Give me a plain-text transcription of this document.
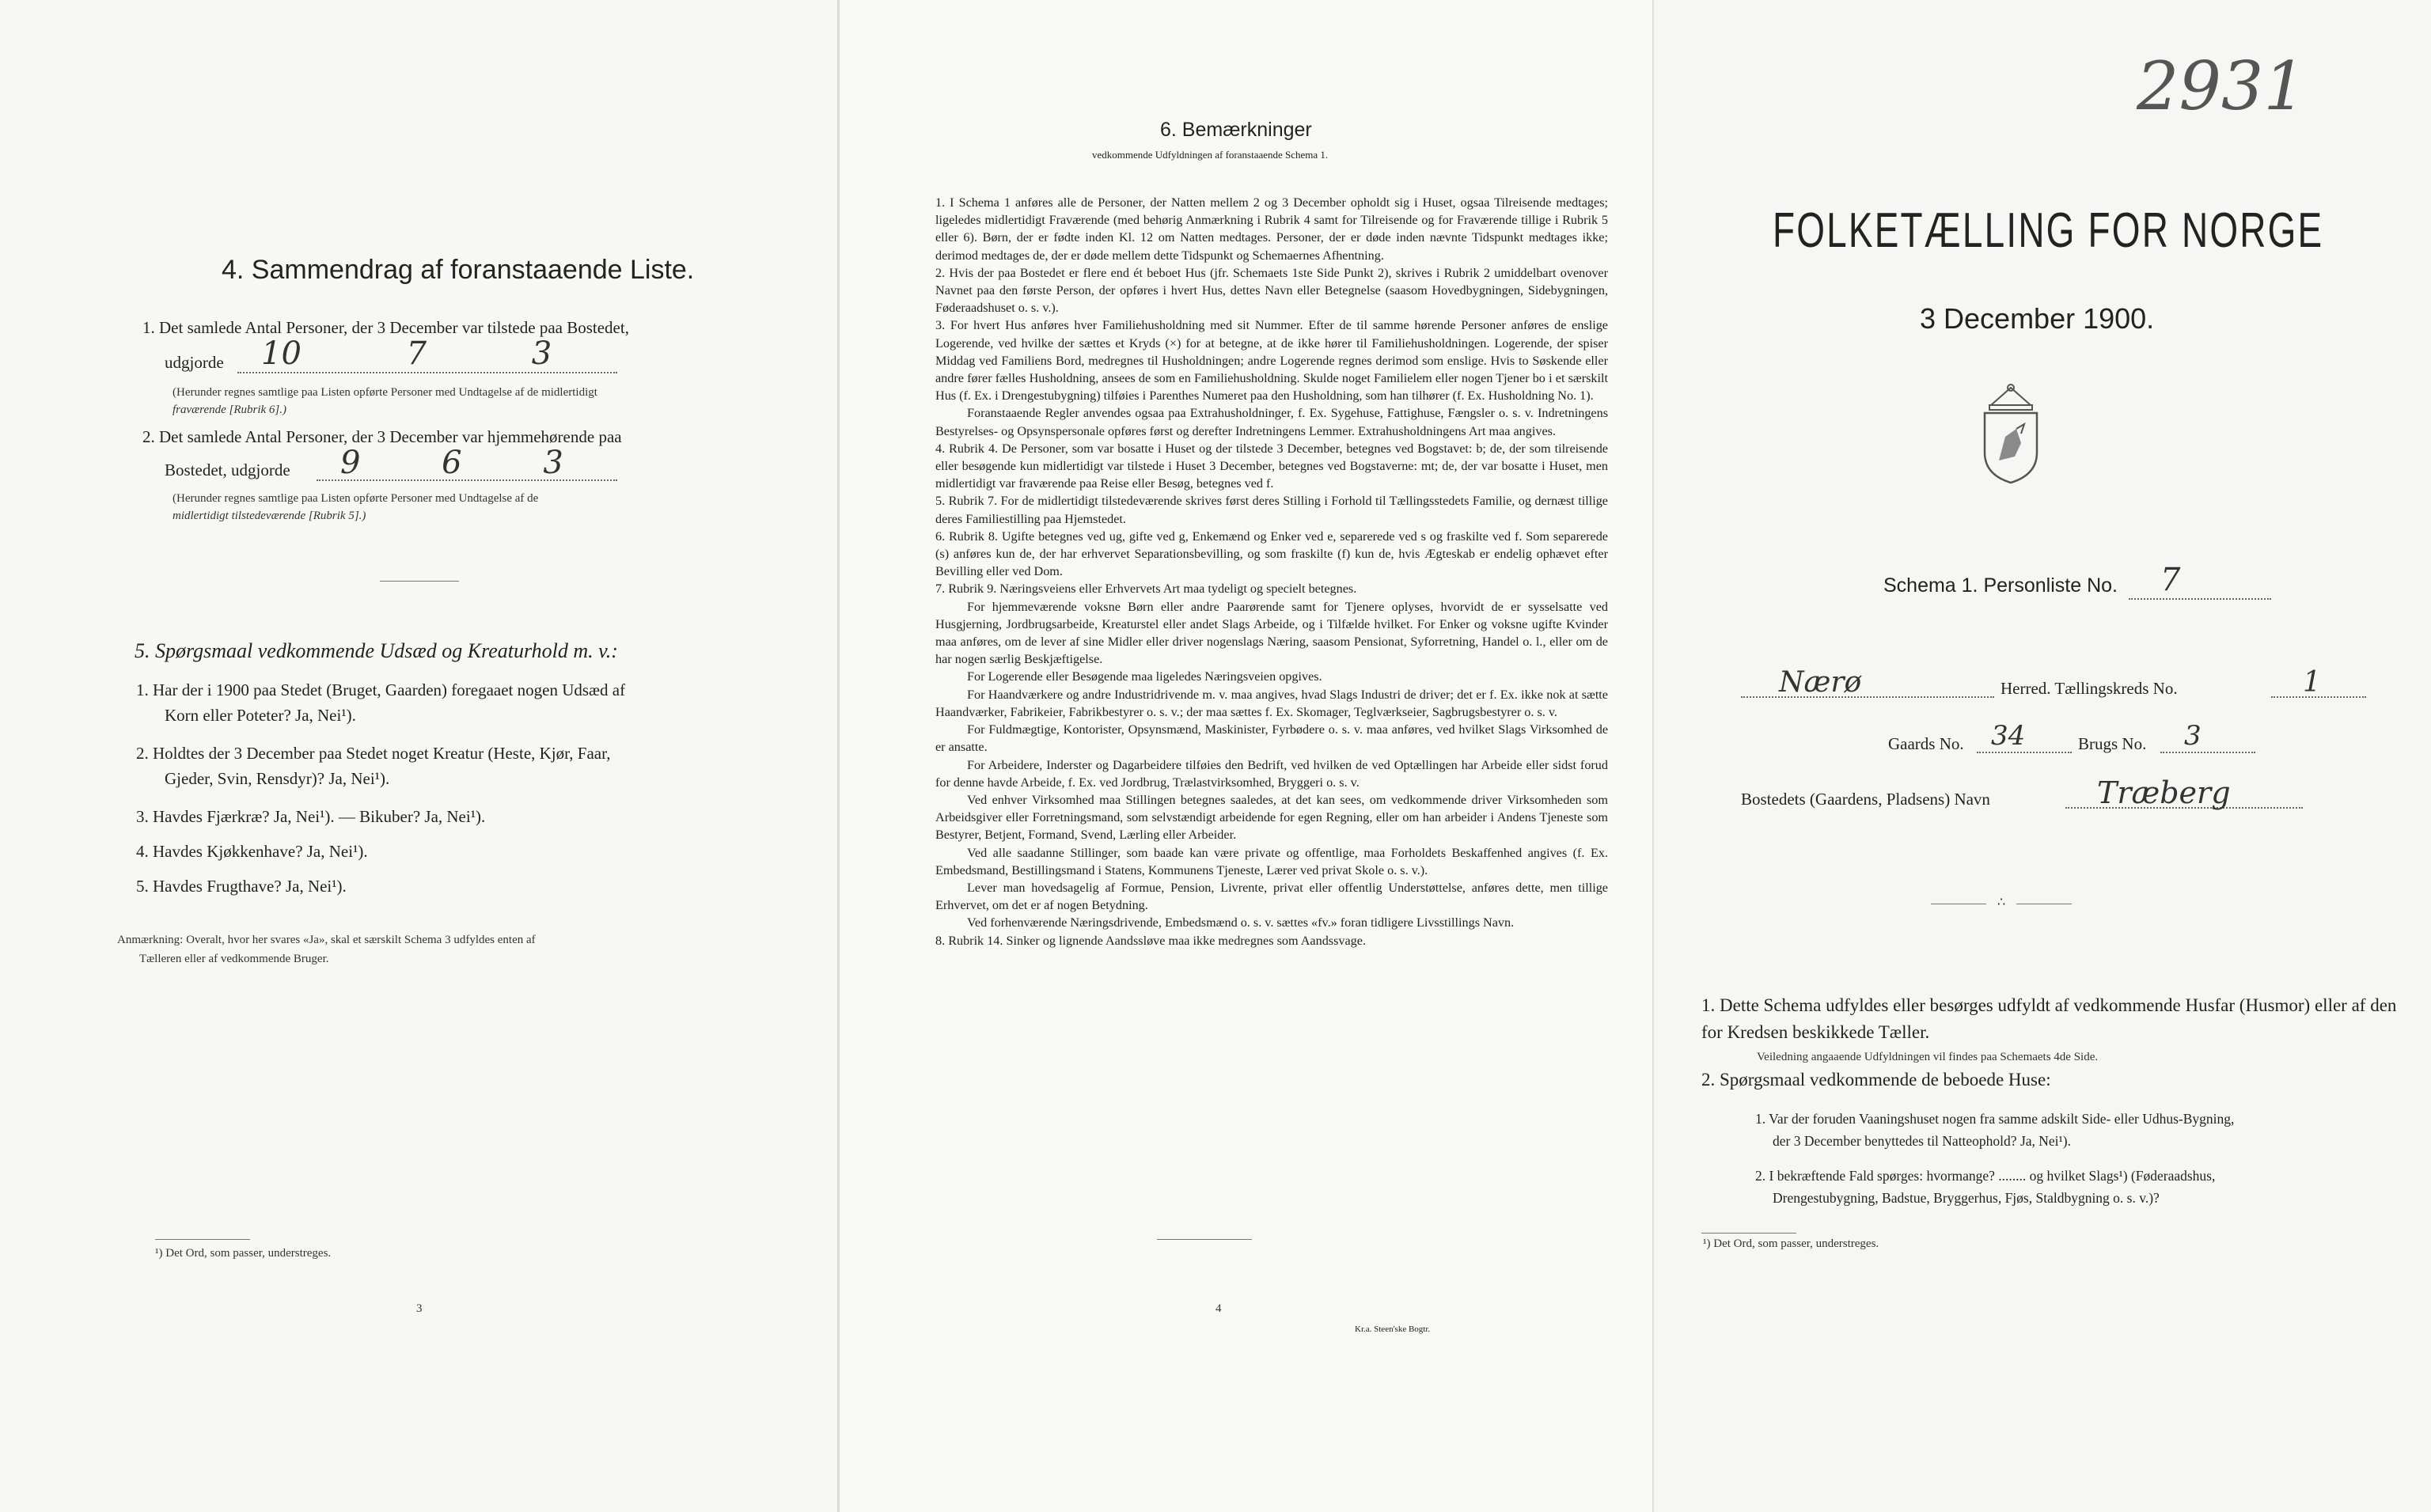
4. Sammendrag af foranstaaende Liste.
1. Det samlede Antal Personer, der 3 December var tilstede paa Bostedet,
udgjorde 10 7 3
(Herunder regnes samtlige paa Listen opførte Personer med Undtagelse af de midlertidigt
fraværende [Rubrik 6].)
2. Det samlede Antal Personer, der 3 December var hjemmehørende paa
Bostedet, udgjorde 9 6 3
(Herunder regnes samtlige paa Listen opførte Personer med Undtagelse af de
midlertidigt tilstedeværende [Rubrik 5].)
5. Spørgsmaal vedkommende Udsæd og Kreaturhold m. v.:
1. Har der i 1900 paa Stedet (Bruget, Gaarden) foregaaet nogen Udsæd af
Korn eller Poteter? Ja, Nei¹).
2. Holdtes der 3 December paa Stedet noget Kreatur (Heste, Kjør, Faar,
Gjeder, Svin, Rensdyr)? Ja, Nei¹).
3. Havdes Fjærkræ? Ja, Nei¹). — Bikuber? Ja, Nei¹).
4. Havdes Kjøkkenhave? Ja, Nei¹).
5. Havdes Frugthave? Ja, Nei¹).
Anmærkning: Overalt, hvor her svares «Ja», skal et særskilt Schema 3 udfyldes enten af
Tælleren eller af vedkommende Bruger.
¹) Det Ord, som passer, understreges.
3
6. Bemærkninger
vedkommende Udfyldningen af foranstaaende Schema 1.

1. I Schema 1 anføres alle de Personer, der Natten mellem 2 og 3 December opholdt sig i Huset, ogsaa Tilreisende medtages; ligeledes midlertidigt Fraværende (med behørig Anmærkning i Rubrik 4 samt for Tilreisende og for Fraværende tillige i Rubrik 5 eller 6). Børn, der er fødte inden Kl. 12 om Natten medtages. Personer, der er døde inden nævnte Tidspunkt medtages ikke; derimod medtages de, der er døde mellem dette Tidspunkt og Schemaernes Afhentning.

2. Hvis der paa Bostedet er flere end ét beboet Hus (jfr. Schemaets 1ste Side Punkt 2), skrives i Rubrik 2 umiddelbart ovenover Navnet paa den første Person, der opføres i hvert Hus, dettes Navn eller Betegnelse (saasom Hovedbygningen, Sidebygningen, Føderaadshuset o. s. v.).

3. For hvert Hus anføres hver Familiehusholdning med sit Nummer. Efter de til samme hørende Personer anføres de enslige Logerende, ved hvilke der sættes et Kryds (×) for at betegne, at de ikke hører til Familiehusholdningen. Logerende, der spiser Middag ved Familiens Bord, medregnes til Husholdningen; andre Logerende regnes derimod som enslige. Hvis to Søskende eller andre fører fælles Husholdning, ansees de som en Familiehusholdning. Skulde noget Familielem eller nogen Tjener bo i et særskilt Hus (f. Ex. i Drengestubygning) tilføies i Parenthes Numeret paa den Husholdning, som han tilhører (f. Ex. Husholdning No. 1).

Foranstaaende Regler anvendes ogsaa paa Extrahusholdninger, f. Ex. Sygehuse, Fattighuse, Fængsler o. s. v. Indretningens Bestyrelses- og Opsynspersonale opføres først og derefter Indretningens Lemmer. Extrahusholdningens Art maa angives.

4. Rubrik 4. De Personer, som var bosatte i Huset og der tilstede 3 December, betegnes ved Bogstavet: b; de, der som tilreisende eller besøgende kun midlertidigt var tilstede i Huset 3 December, betegnes ved Bogstaverne: mt; de, der var bosatte i Huset, men midlertidigt var fraværende paa Reise eller Besøg, betegnes ved f.

5. Rubrik 7. For de midlertidigt tilstedeværende skrives først deres Stilling i Forhold til Tællingsstedets Familie, og dernæst tillige deres Familiestilling paa Hjemstedet.

6. Rubrik 8. Ugifte betegnes ved ug, gifte ved g, Enkemænd og Enker ved e, separerede ved s og fraskilte ved f. Som separerede (s) anføres kun de, der har erhvervet Separationsbevilling, og som fraskilte (f) kun de, hvis Ægteskab er endelig ophævet efter Bevilling eller ved Dom.

7. Rubrik 9. Næringsveiens eller Erhvervets Art maa tydeligt og specielt betegnes.

For hjemmeværende voksne Børn eller andre Paarørende samt for Tjenere oplyses, hvorvidt de er sysselsatte ved Husgjerning, Jordbrugsarbeide, Kreaturstel eller andet Slags Arbeide, og i Tilfælde hvilket. For Enker og voksne ugifte Kvinder maa anføres, om de lever af sine Midler eller driver nogenslags Næring, saasom Pensionat, Syforretning, Handel o. l., eller om de har nogen særlig Beskjæftigelse.

For Logerende eller Besøgende maa ligeledes Næringsveien opgives.

For Haandværkere og andre Industridrivende m. v. maa angives, hvad Slags Industri de driver; det er f. Ex. ikke nok at sætte Haandværker, Fabrikeier, Fabrikbestyrer o. s. v.; der maa sættes f. Ex. Skomager, Teglværkseier, Sagbrugsbestyrer o. s. v.

For Fuldmægtige, Kontorister, Opsynsmænd, Maskinister, Fyrbødere o. s. v. maa anføres, ved hvilket Slags Virksomhed de er ansatte.

For Arbeidere, Inderster og Dagarbeidere tilføies den Bedrift, ved hvilken de ved Optællingen har Arbeide eller sidst forud for denne havde Arbeide, f. Ex. ved Jordbrug, Trælastvirksomhed, Bryggeri o. s. v.

Ved enhver Virksomhed maa Stillingen betegnes saaledes, at det kan sees, om vedkommende driver Virksomheden som Arbeidsgiver eller Forretningsmand, som selvstændigt arbeidende for egen Regning, eller om han arbeider i Andens Tjeneste som Bestyrer, Betjent, Formand, Svend, Lærling eller Arbeider.

Ved alle saadanne Stillinger, som baade kan være private og offentlige, maa Forholdets Beskaffenhed angives (f. Ex. Embedsmand, Bestillingsmand i Statens, Kommunens Tjeneste, Lærer ved privat Skole o. s. v.).

Lever man hovedsagelig af Formue, Pension, Livrente, privat eller offentlig Understøttelse, anføres dette, men tillige Erhvervet, om det er af nogen Betydning.

Ved forhenværende Næringsdrivende, Embedsmænd o. s. v. sættes «fv.» foran tidligere Livsstillings Navn.

8. Rubrik 14. Sinker og lignende Aandssløve maa ikke medregnes som Aandssvage.

4
Kr.a. Steen'ske Bogtr.
2931
FOLKETÆLLING FOR NORGE
3 December 1900.
Schema 1. Personliste No. 7
Nærø	Herred. Tællingskreds No.	1
Gaards No. 34	Brugs No. 3
Bostedets (Gaardens, Pladsens) Navn	Træberg
∴
1. Dette Schema udfyldes eller besørges udfyldt af vedkommende Husfar (Husmor) eller af den for Kredsen beskikkede Tæller.
Veiledning angaaende Udfyldningen vil findes paa Schemaets 4de Side.
2. Spørgsmaal vedkommende de beboede Huse:
1. Var der foruden Vaaningshuset nogen fra samme adskilt Side- eller Udhus-Bygning,
der 3 December benyttedes til Natteophold? Ja, Nei¹).
2. I bekræftende Fald spørges: hvormange? ........ og hvilket Slags¹) (Føderaadshus,
Drengestubygning, Badstue, Bryggerhus, Fjøs, Staldbygning o. s. v.)?
¹) Det Ord, som passer, understreges.
